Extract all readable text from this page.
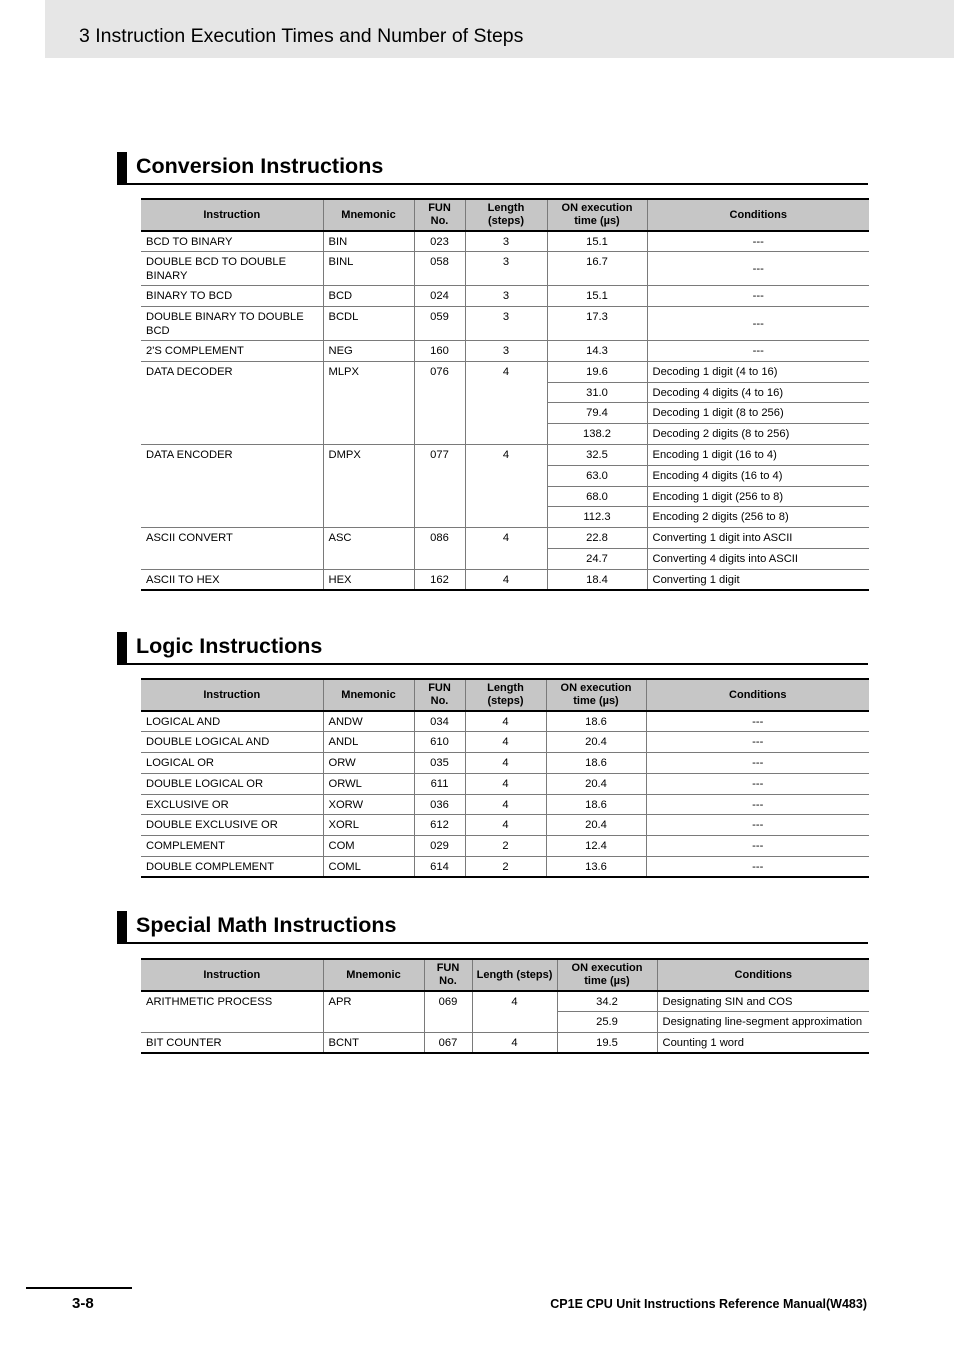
3 Instruction Execution Times and Number of Steps
Conversion Instructions
Instruction	Mnemonic	FUN No.	Length (steps)	ON execution time (µs)	Conditions
BCD TO BINARY	BIN	023	3	15.1	---
DOUBLE BCD TO DOUBLE BINARY	BINL	058	3	16.7	---
BINARY TO BCD	BCD	024	3	15.1	---
DOUBLE BINARY TO DOUBLE BCD	BCDL	059	3	17.3	---
2'S COMPLEMENT	NEG	160	3	14.3	---
DATA DECODER	MLPX	076	4	19.6	Decoding 1 digit (4 to 16)
				31.0	Decoding 4 digits (4 to 16)
				79.4	Decoding 1 digit (8 to 256)
				138.2	Decoding 2 digits (8 to 256)
DATA ENCODER	DMPX	077	4	32.5	Encoding 1 digit (16 to 4)
				63.0	Encoding 4 digits (16 to 4)
				68.0	Encoding 1 digit (256 to 8)
				112.3	Encoding 2 digits (256 to 8)
ASCII CONVERT	ASC	086	4	22.8	Converting 1 digit into ASCII
				24.7	Converting 4 digits into ASCII
ASCII TO HEX	HEX	162	4	18.4	Converting 1 digit
Logic Instructions
Instruction	Mnemonic	FUN No.	Length (steps)	ON execution time (µs)	Conditions
LOGICAL AND	ANDW	034	4	18.6	---
DOUBLE LOGICAL AND	ANDL	610	4	20.4	---
LOGICAL OR	ORW	035	4	18.6	---
DOUBLE LOGICAL OR	ORWL	611	4	20.4	---
EXCLUSIVE OR	XORW	036	4	18.6	---
DOUBLE EXCLUSIVE OR	XORL	612	4	20.4	---
COMPLEMENT	COM	029	2	12.4	---
DOUBLE COMPLEMENT	COML	614	2	13.6	---
Special Math Instructions
Instruction	Mnemonic	FUN No.	Length (steps)	ON execution time (µs)	Conditions
ARITHMETIC PROCESS	APR	069	4	34.2	Designating SIN and COS
				25.9	Designating line-segment approximation
BIT COUNTER	BCNT	067	4	19.5	Counting 1 word
3-8	CP1E CPU Unit Instructions Reference Manual(W483)
